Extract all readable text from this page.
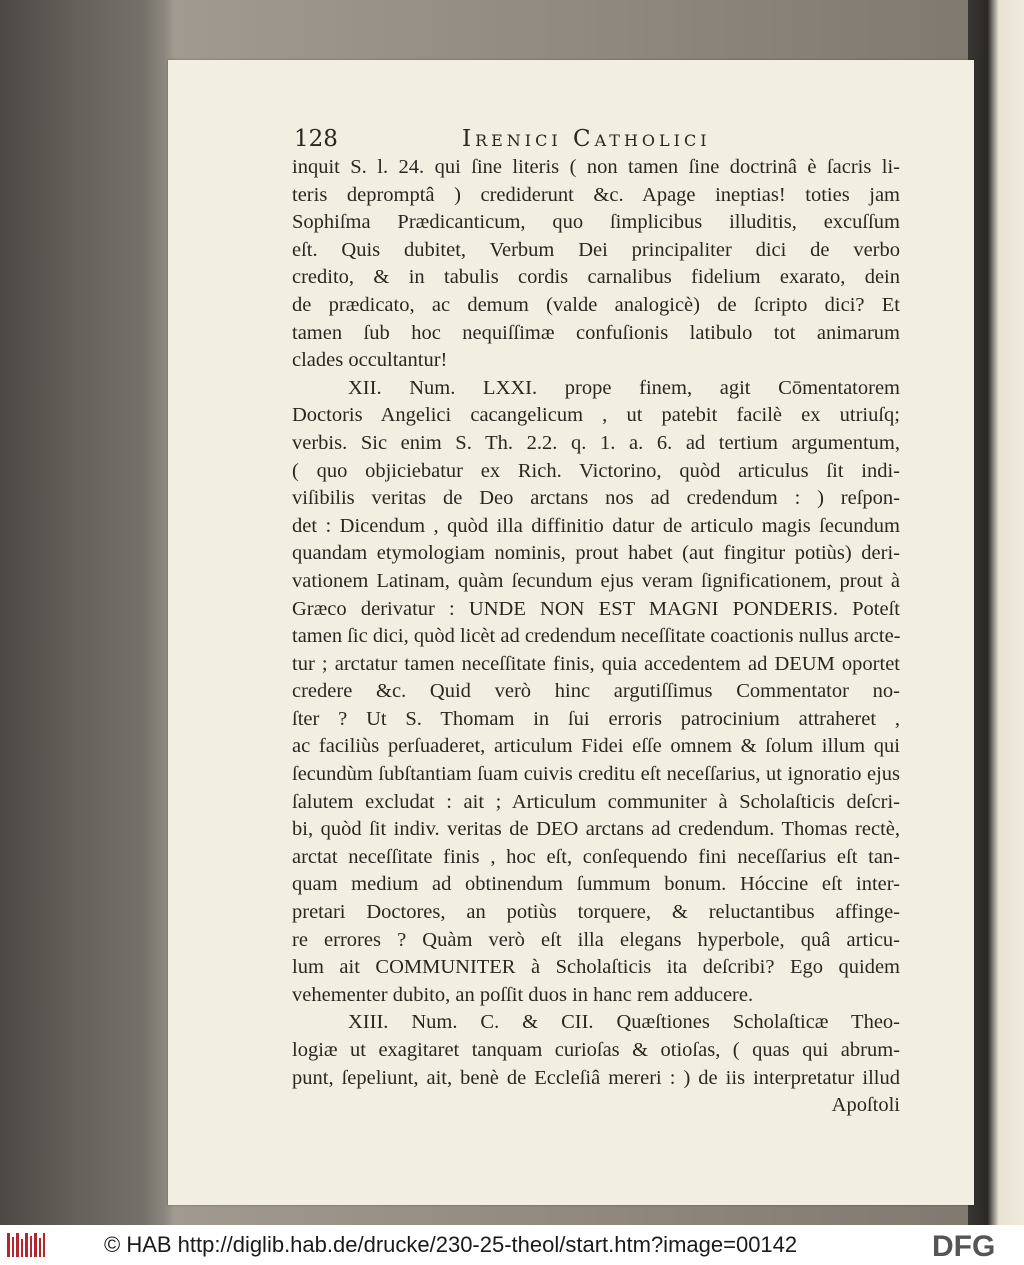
128	Irenici Catholici
inquit S. l. 24. qui ſine literis ( non tamen ſine doctrinâ è ſacris li-
teris depromptâ ) crediderunt &c. Apage ineptias! toties jam
Sophiſma Prædicanticum, quo ſimplicibus illuditis, excuſſum
eſt. Quis dubitet, Verbum Dei principaliter dici de verbo
credito, & in tabulis cordis carnalibus fidelium exarato, dein
de prædicato, ac demum (valde analogicè) de ſcripto dici? Et
tamen ſub hoc nequiſſimæ confuſionis latibulo tot animarum
clades occultantur!
XII. Num. LXXI. prope finem, agit Cōmentatorem
Doctoris Angelici cacangelicum , ut patebit facilè ex utriuſq;
verbis. Sic enim S. Th. 2.2. q. 1. a. 6. ad tertium argumentum,
( quo objiciebatur ex Rich. Victorino, quòd articulus ſit indi-
viſibilis veritas de Deo arctans nos ad credendum : ) reſpon-
det : Dicendum , quòd illa diffinitio datur de articulo magis ſecundum
quandam etymologiam nominis, prout habet (aut fingitur potiùs) deri-
vationem Latinam, quàm ſecundum ejus veram ſignificationem, prout à
Græco derivatur : UNDE NON EST MAGNI PONDERIS. Poteſt
tamen ſic dici, quòd licèt ad credendum neceſſitate coactionis nullus arcte-
tur ; arctatur tamen neceſſitate finis, quia accedentem ad DEUM oportet
credere &c. Quid verò hinc argutiſſimus Commentator no-
ſter ? Ut S. Thomam in ſui erroris patrocinium attraheret ,
ac faciliùs perſuaderet, articulum Fidei eſſe omnem & ſolum illum qui
ſecundùm ſubſtantiam ſuam cuivis creditu eſt neceſſarius, ut ignoratio ejus
ſalutem excludat : ait ; Articulum communiter à Scholaſticis deſcri-
bi, quòd ſit indiv. veritas de DEO arctans ad credendum. Thomas rectè,
arctat neceſſitate finis , hoc eſt, conſequendo fini neceſſarius eſt tan-
quam medium ad obtinendum ſummum bonum. Hóccine eſt inter-
pretari Doctores, an potiùs torquere, & reluctantibus affinge-
re errores ? Quàm verò eſt illa elegans hyperbole, quâ articu-
lum ait COMMUNITER à Scholaſticis ita deſcribi? Ego quidem
vehementer dubito, an poſſit duos in hanc rem adducere.
XIII. Num. C. & CII. Quæſtiones Scholaſticæ Theo-
logiæ ut exagitaret tanquam curioſas & otioſas, ( quas qui abrum-
punt, ſepeliunt, ait, benè de Eccleſiâ mereri : ) de iis interpretatur illud
Apoſtoli
© HAB http://diglib.hab.de/drucke/230-25-theol/start.htm?image=00142	DFG
